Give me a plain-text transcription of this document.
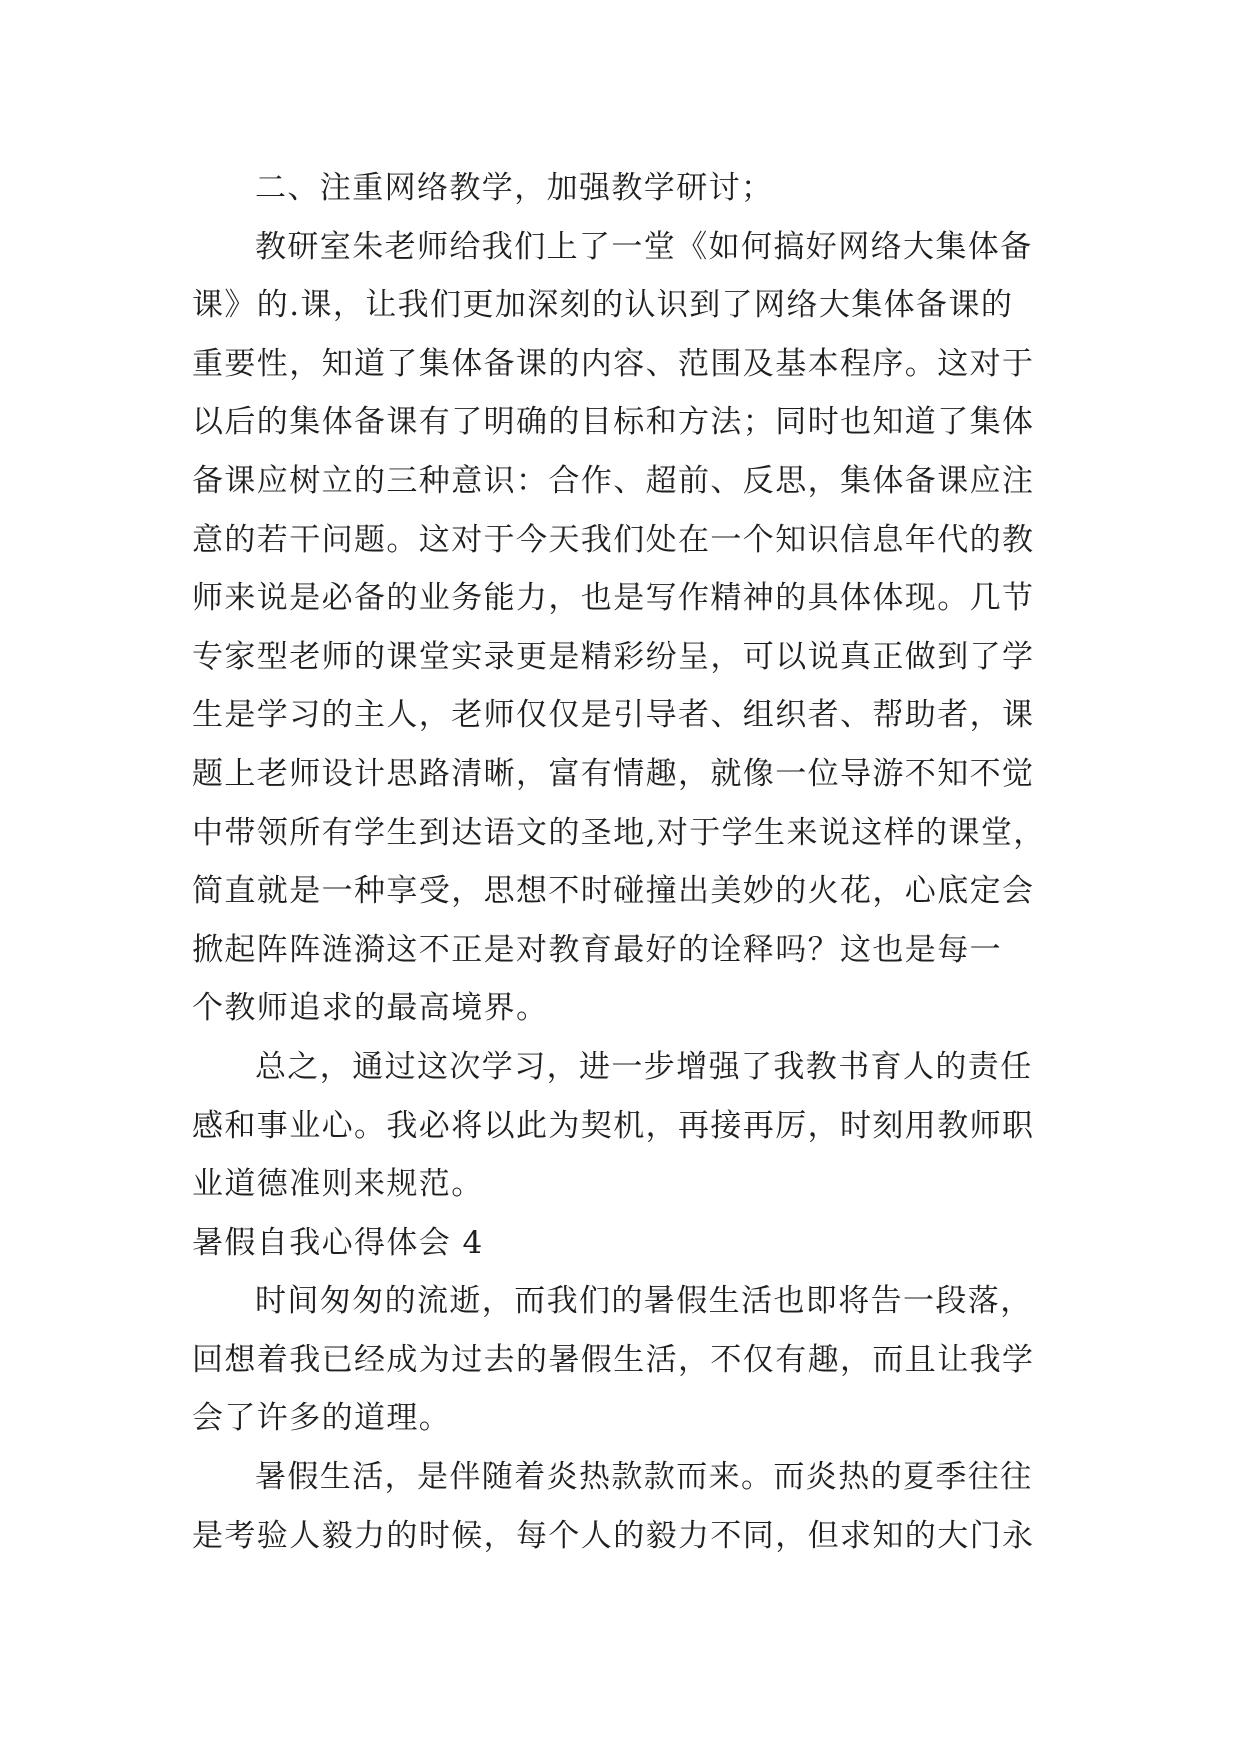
二、注重网络教学，加强教学研讨；
教研室朱老师给我们上了一堂《如何搞好网络大集体备
课》的.课，让我们更加深刻的认识到了网络大集体备课的
重要性，知道了集体备课的内容、范围及基本程序。这对于
以后的集体备课有了明确的目标和方法；同时也知道了集体
备课应树立的三种意识：合作、超前、反思，集体备课应注
意的若干问题。这对于今天我们处在一个知识信息年代的教
师来说是必备的业务能力，也是写作精神的具体体现。几节
专家型老师的课堂实录更是精彩纷呈，可以说真正做到了学
生是学习的主人，老师仅仅是引导者、组织者、帮助者，课
题上老师设计思路清晰，富有情趣，就像一位导游不知不觉
中带领所有学生到达语文的圣地,对于学生来说这样的课堂，
简直就是一种享受，思想不时碰撞出美妙的火花，心底定会
掀起阵阵涟漪这不正是对教育最好的诠释吗？这也是每一
个教师追求的最高境界。
总之，通过这次学习，进一步增强了我教书育人的责任
感和事业心。我必将以此为契机，再接再厉，时刻用教师职
业道德准则来规范。
暑假自我心得体会 4
时间匆匆的流逝，而我们的暑假生活也即将告一段落，
回想着我已经成为过去的暑假生活，不仅有趣，而且让我学
会了许多的道理。
暑假生活，是伴随着炎热款款而来。而炎热的夏季往往
是考验人毅力的时候，每个人的毅力不同，但求知的大门永
